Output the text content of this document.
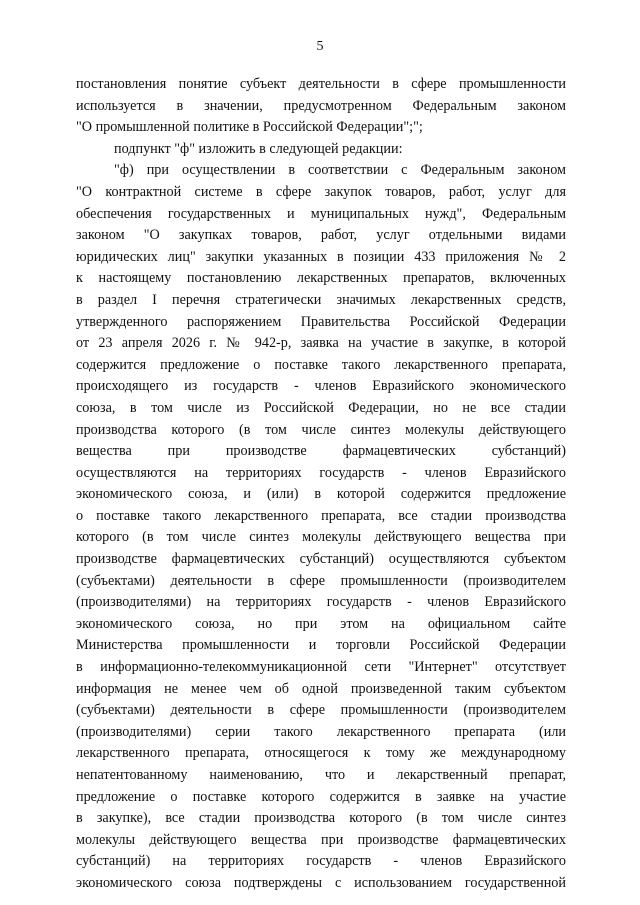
5
постановления понятие субъект деятельности в сфере промышленности
используется в значении, предусмотренном Федеральным законом
"О промышленной политике в Российской Федерации";";
подпункт "ф" изложить в следующей редакции:
"ф) при осуществлении в соответствии с Федеральным законом
"О контрактной системе в сфере закупок товаров, работ, услуг для
обеспечения государственных и муниципальных нужд", Федеральным
законом "О закупках товаров, работ, услуг отдельными видами
юридических лиц" закупки указанных в позиции 433 приложения № 2
к настоящему постановлению лекарственных препаратов, включенных
в раздел I перечня стратегически значимых лекарственных средств,
утвержденного распоряжением Правительства Российской Федерации
от 23 апреля 2026 г. № 942-р, заявка на участие в закупке, в которой
содержится предложение о поставке такого лекарственного препарата,
происходящего из государств - членов Евразийского экономического
союза, в том числе из Российской Федерации, но не все стадии
производства которого (в том числе синтез молекулы действующего
вещества при производстве фармацевтических субстанций)
осуществляются на территориях государств - членов Евразийского
экономического союза, и (или) в которой содержится предложение
о поставке такого лекарственного препарата, все стадии производства
которого (в том числе синтез молекулы действующего вещества при
производстве фармацевтических субстанций) осуществляются субъектом
(субъектами) деятельности в сфере промышленности (производителем
(производителями) на территориях государств - членов Евразийского
экономического союза, но при этом на официальном сайте
Министерства промышленности и торговли Российской Федерации
в информационно-телекоммуникационной сети "Интернет" отсутствует
информация не менее чем об одной произведенной таким субъектом
(субъектами) деятельности в сфере промышленности (производителем
(производителями) серии такого лекарственного препарата (или
лекарственного препарата, относящегося к тому же международному
непатентованному наименованию, что и лекарственный препарат,
предложение о поставке которого содержится в заявке на участие
в закупке), все стадии производства которого (в том числе синтез
молекулы действующего вещества при производстве фармацевтических
субстанций) на территориях государств - членов Евразийского
экономического союза подтверждены с использованием государственной
